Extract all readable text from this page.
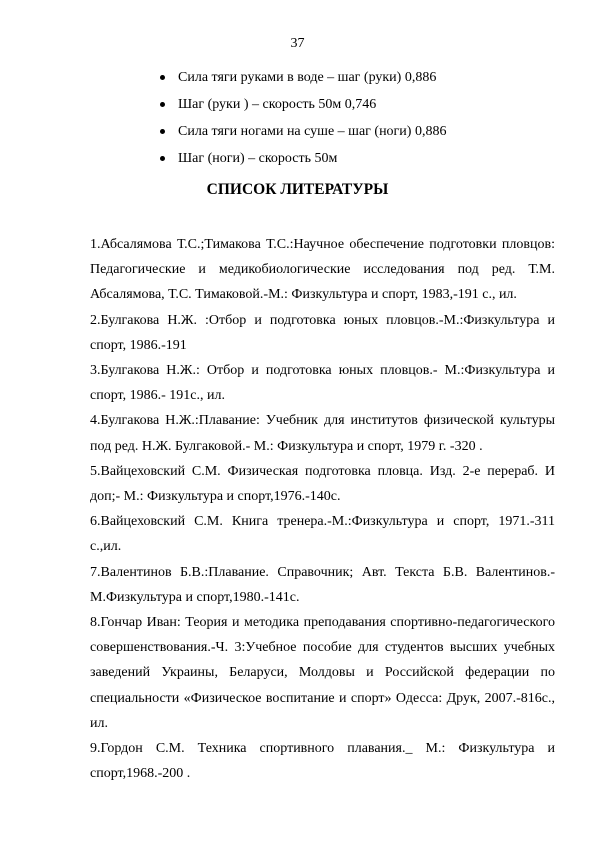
37
Сила тяги руками в воде – шаг (руки) 0,886
Шаг (руки ) – скорость 50м 0,746
Сила тяги ногами на суше – шаг (ноги) 0,886
Шаг (ноги) – скорость 50м
СПИСОК ЛИТЕРАТУРЫ
1.Абсалямова Т.С.;Тимакова Т.С.:Научное обеспечение подготовки пловцов: Педагогические и медикобиологические исследования под ред. Т.М. Абсалямова, Т.С. Тимаковой.-М.: Физкультура и спорт, 1983,-191 с., ил.
2.Булгакова Н.Ж. :Отбор и подготовка юных пловцов.-М.:Физкультура и спорт, 1986.-191
3.Булгакова Н.Ж.: Отбор и подготовка юных пловцов.- М.:Физкультура и спорт, 1986.- 191с., ил.
4.Булгакова Н.Ж.:Плавание: Учебник для институтов физической культуры под ред. Н.Ж. Булгаковой.- М.: Физкультура и спорт, 1979 г. -320 .
5.Вайцеховский С.М. Физическая подготовка пловца. Изд. 2-е перераб. И доп;- М.: Физкультура и спорт,1976.-140с.
6.Вайцеховский С.М. Книга тренера.-М.:Физкультура и спорт, 1971.-311 с.,ил.
7.Валентинов Б.В.:Плавание. Справочник; Авт. Текста Б.В. Валентинов.-М.Физкультура и спорт,1980.-141с.
8.Гончар Иван: Теория и методика преподавания спортивно-педагогического совершенствования.-Ч. 3:Учебное пособие для студентов высших учебных заведений Украины, Беларуси, Молдовы и Российской федерации по специальности «Физическое воспитание и спорт» Одесса: Друк, 2007.-816с., ил.
9.Гордон С.М. Техника спортивного плавания._ М.: Физкультура и спорт,1968.-200 .
